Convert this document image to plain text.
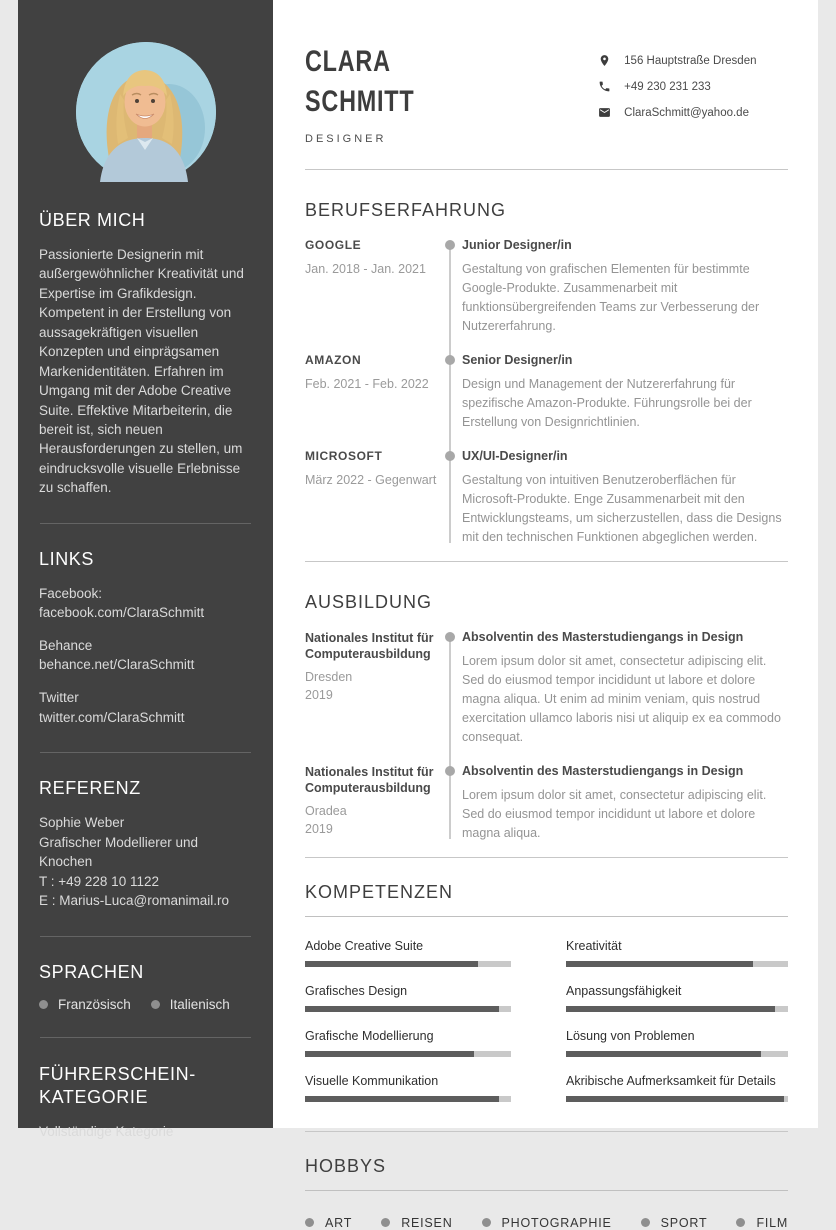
ÜBER MICH

Passionierte Designerin mit außergewöhnlicher Kreativität und Expertise im Grafikdesign. Kompetent in der Erstellung von aussagekräftigen visuellen Konzepten und einprägsamen Markenidentitäten. Erfahren im Umgang mit der Adobe Creative Suite. Effektive Mitarbeiterin, die bereit ist, sich neuen Herausforderungen zu stellen, um eindrucksvolle visuelle Erlebnisse zu schaffen.

LINKS
Facebook:
facebook.com/ClaraSchmitt
Behance
behance.net/ClaraSchmitt
Twitter
twitter.com/ClaraSchmitt
REFERENZ
Sophie Weber
Grafischer Modellierer und Knochen
T : +49 228 10 1122
E : Marius-Luca@romanimail.ro
SPRACHEN
Französisch	Italienisch
FÜHRERSCHEIN-KATEGORIE
Vollständige Kategorie
CLARA
SCHMITT
DESIGNER
156 Hauptstraße Dresden
+49 230 231 233
ClaraSchmitt@yahoo.de
BERUFSERFAHRUNG
GOOGLE
Jan. 2018 - Jan. 2021
Junior Designer/in
Gestaltung von grafischen Elementen für bestimmte Google-Produkte. Zusammenarbeit mit funktionsübergreifenden Teams zur Verbesserung der Nutzererfahrung.
AMAZON
Feb. 2021 - Feb. 2022
Senior Designer/in
Design und Management der Nutzererfahrung für spezifische Amazon-Produkte. Führungsrolle bei der Erstellung von Designrichtlinien.
MICROSOFT
März 2022 - Gegenwart
UX/UI-Designer/in
Gestaltung von intuitiven Benutzeroberflächen für Microsoft-Produkte. Enge Zusammenarbeit mit den Entwicklungsteams, um sicherzustellen, dass die Designs mit den technischen Funktionen abgeglichen werden.
AUSBILDUNG
Nationales Institut für Computerausbildung
Dresden
2019
Absolventin des Masterstudiengangs in Design
Lorem ipsum dolor sit amet, consectetur adipiscing elit. Sed do eiusmod tempor incididunt ut labore et dolore magna aliqua. Ut enim ad minim veniam, quis nostrud exercitation ullamco laboris nisi ut aliquip ex ea commodo consequat.
Nationales Institut für Computerausbildung
Oradea
2019
Absolventin des Masterstudiengangs in Design
Lorem ipsum dolor sit amet, consectetur adipiscing elit. Sed do eiusmod tempor incididunt ut labore et dolore magna aliqua.
KOMPETENZEN
Adobe Creative Suite
Grafisches Design
Grafische Modellierung
Visuelle Kommunikation
Kreativität
Anpassungsfähigkeit
Lösung von Problemen
Akribische Aufmerksamkeit für Details
HOBBYS
ART	REISEN	PHOTOGRAPHIE	SPORT	FILM
